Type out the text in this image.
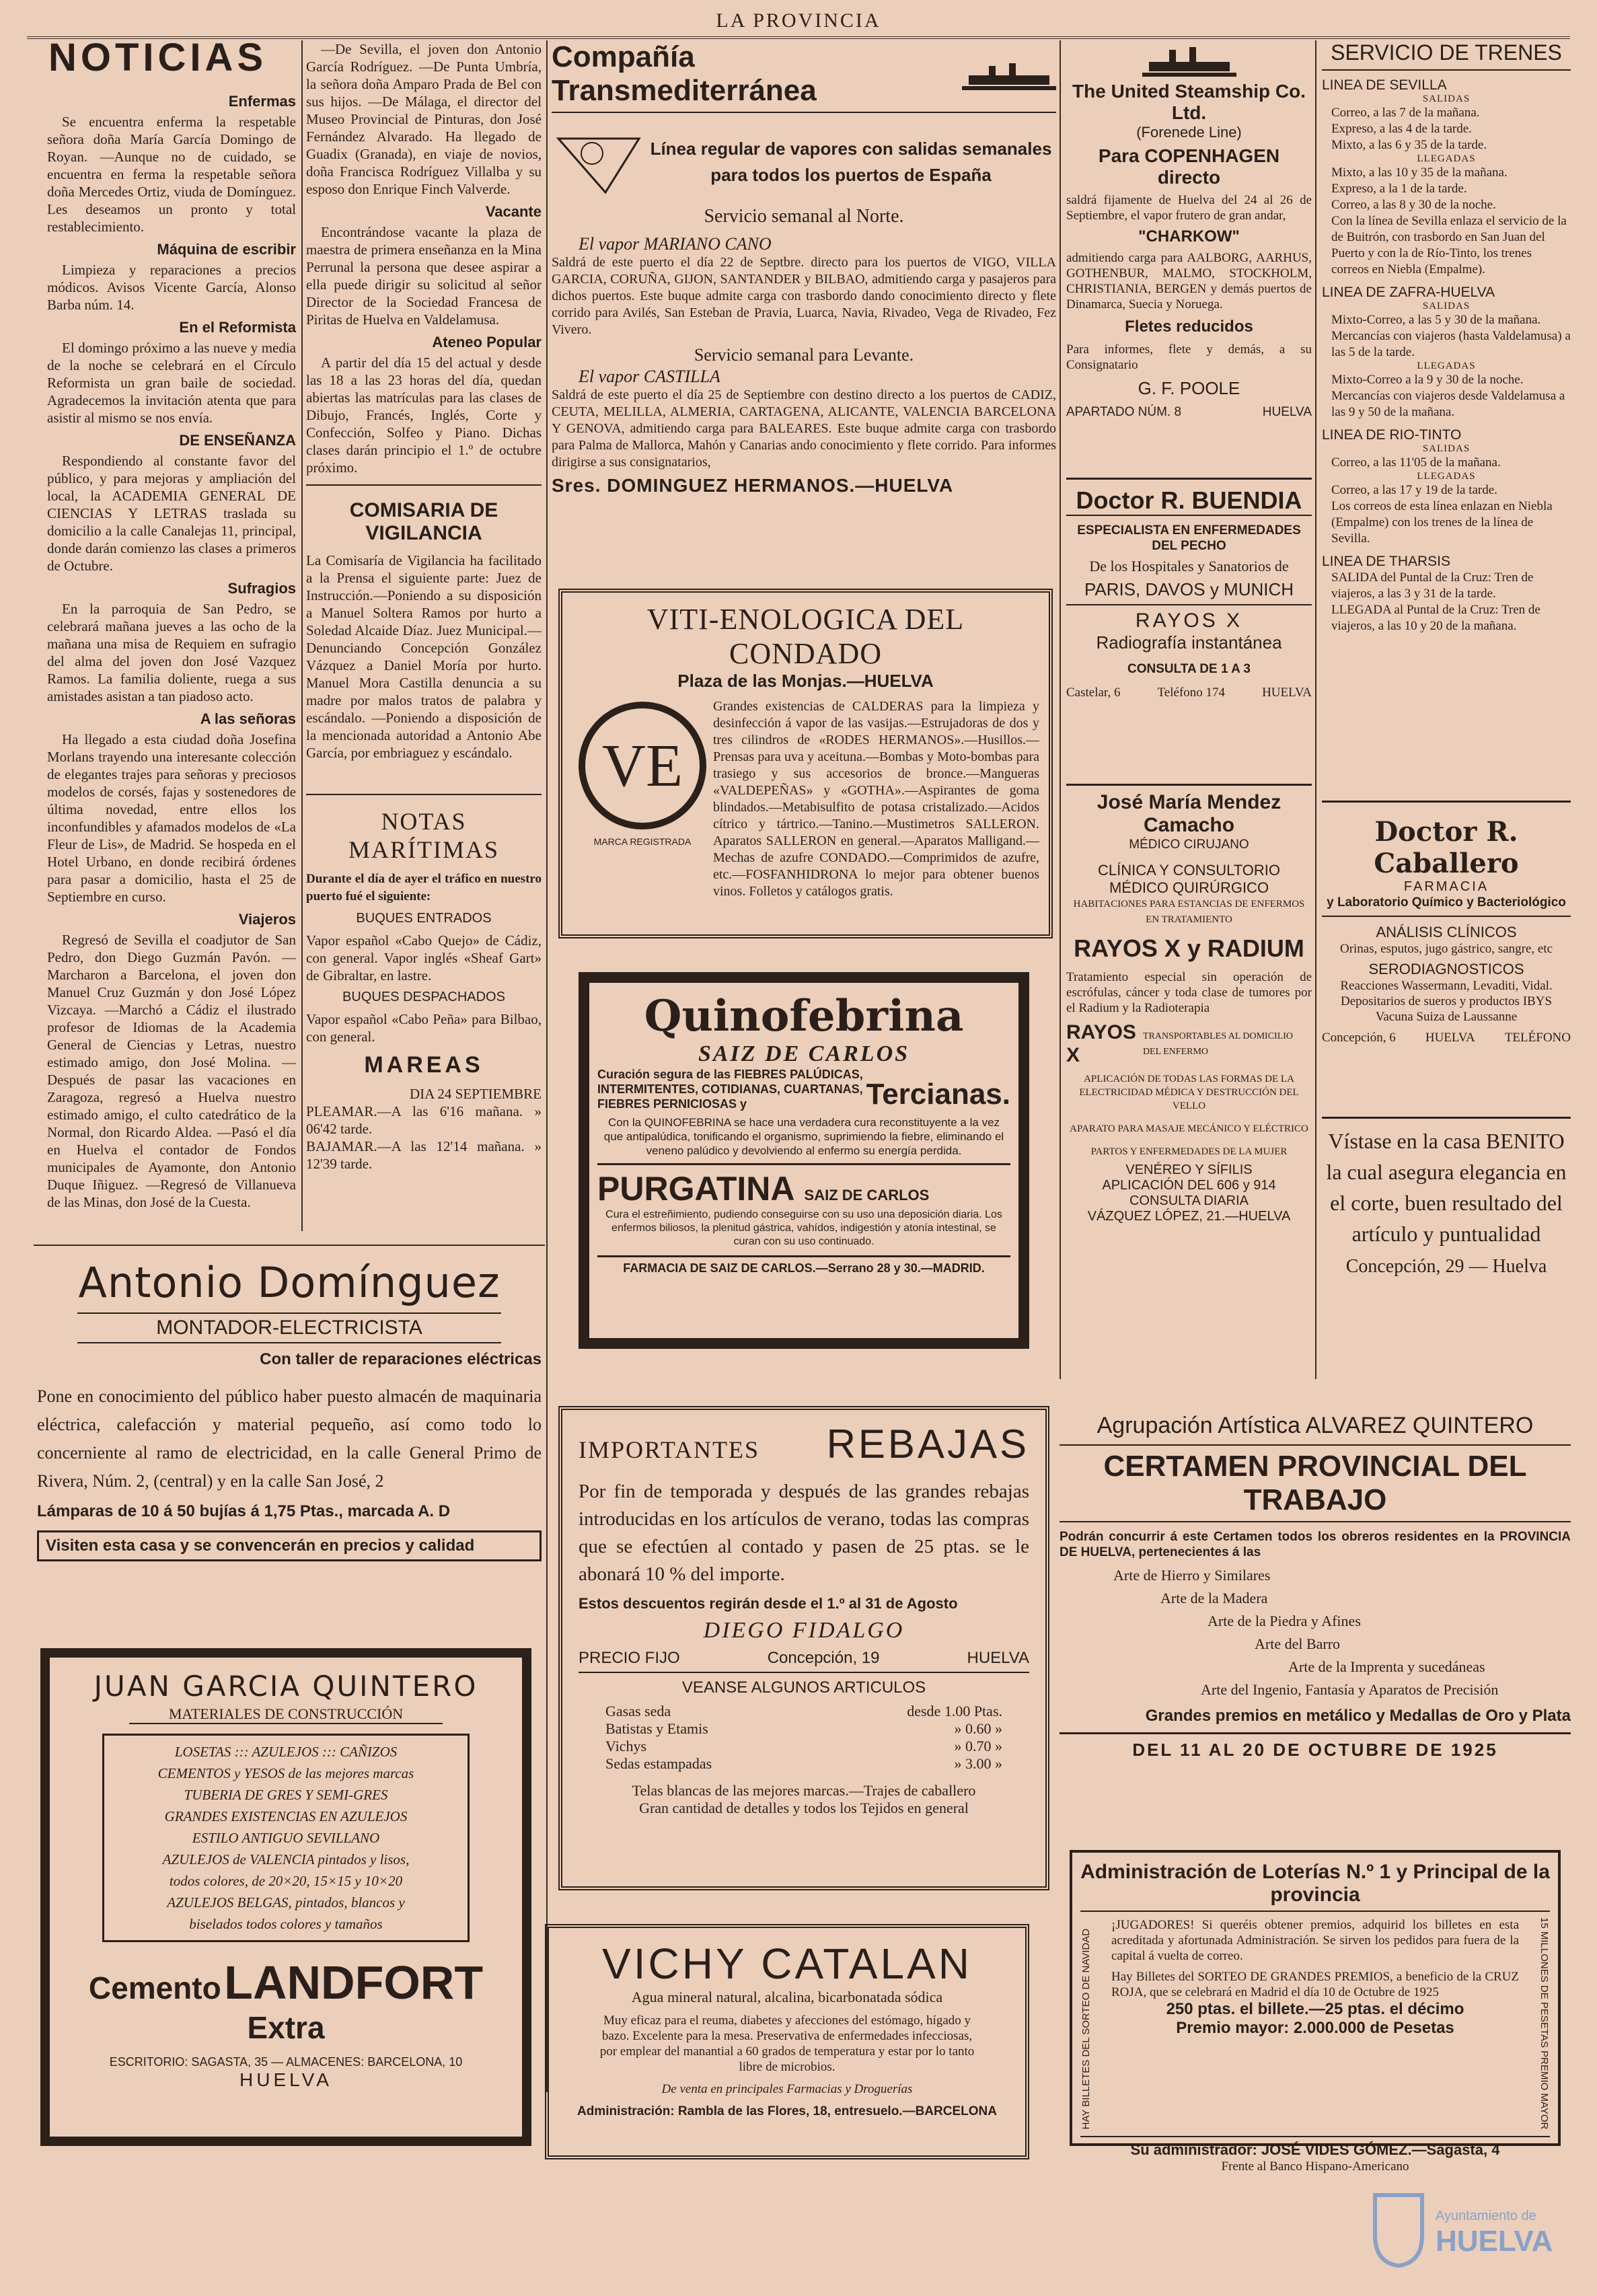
LA PROVINCIA
NOTICIAS
Enfermas

Se encuentra enferma la respetable señora doña María García Domingo de Royan. —Aunque no de cuidado, se encuentra en ferma la respetable señora doña Mercedes Ortiz, viuda de Domínguez. Les deseamos un pronto y total restablecimiento.

Máquina de escribir

Limpieza y reparaciones a precios módicos. Avisos Vicente García, Alonso Barba núm. 14.

En el Reformista

El domingo próximo a las nueve y media de la noche se celebrará en el Círculo Reformista un gran baile de sociedad. Agradecemos la invitación atenta que para asistir al mismo se nos envía.

DE ENSEÑANZA

Respondiendo al constante favor del público, y para mejoras y ampliación del local, la ACADEMIA GENERAL DE CIENCIAS Y LETRAS traslada su domicilio a la calle Canalejas 11, principal, donde darán comienzo las clases a primeros de Octubre.

Sufragios

En la parroquia de San Pedro, se celebrará mañana jueves a las ocho de la mañana una misa de Requiem en sufragio del alma del joven don José Vazquez Ramos. La familia doliente, ruega a sus amistades asistan a tan piadoso acto.

A las señoras

Ha llegado a esta ciudad doña Josefina Morlans trayendo una interesante colección de elegantes trajes para señoras y preciosos modelos de corsés, fajas y sostenedores de última novedad, entre ellos los inconfundibles y afamados modelos de «La Fleur de Lis», de Madrid. Se hospeda en el Hotel Urbano, en donde recibirá órdenes para pasar a domicilio, hasta el 25 de Septiembre en curso.

Viajeros

Regresó de Sevilla el coadjutor de San Pedro, don Diego Guzmán Pavón. —Marcharon a Barcelona, el joven don Manuel Cruz Guzmán y don José López Vizcaya. —Marchó a Cádiz el ilustrado profesor de Idiomas de la Academia General de Ciencias y Letras, nuestro estimado amigo, don José Molina. —Después de pasar las vacaciones en Zaragoza, regresó a Huelva nuestro estimado amigo, el culto catedrático de la Normal, don Ricardo Aldea. —Pasó el día en Huelva el contador de Fondos municipales de Ayamonte, don Antonio Duque Iñiguez. —Regresó de Villanueva de las Minas, don José de la Cuesta.

—De Sevilla, el joven don Antonio García Rodríguez. —De Punta Umbría, la señora doña Amparo Prada de Bel con sus hijos. —De Málaga, el director del Museo Provincial de Pinturas, don José Fernández Alvarado. Ha llegado de Guadix (Granada), en viaje de novios, doña Francisca Rodríguez Villalba y su esposo don Enrique Finch Valverde.

Vacante

Encontrándose vacante la plaza de maestra de primera enseñanza en la Mina Perrunal la persona que desee aspirar a ella puede dirigir su solicitud al señor Director de la Sociedad Francesa de Piritas de Huelva en Valdelamusa.

Ateneo Popular

A partir del día 15 del actual y desde las 18 a las 23 horas del día, quedan abiertas las matrículas para las clases de Dibujo, Francés, Inglés, Corte y Confección, Solfeo y Piano. Dichas clases darán principio el 1.º de octubre próximo.

COMISARIA DE VIGILANCIA
La Comisaría de Vigilancia ha facilitado a la Prensa el siguiente parte: Juez de Instrucción.—Poniendo a su disposición a Manuel Soltera Ramos por hurto a Soledad Alcaide Díaz. Juez Municipal.—Denunciando Concepción González Vázquez a Daniel Moría por hurto. Manuel Mora Castilla denuncia a su madre por malos tratos de palabra y escándalo. —Poniendo a disposición de la mencionada autoridad a Antonio Abe García, por embriaguez y escándalo.
NOTAS MARÍTIMAS
Durante el día de ayer el tráfico en nuestro puerto fué el siguiente:
BUQUES ENTRADOS
Vapor español «Cabo Quejo» de Cádiz, con general. Vapor inglés «Sheaf Gart» de Gibraltar, en lastre.
BUQUES DESPACHADOS
Vapor español «Cabo Peña» para Bilbao, con general.
MAREAS
DIA 24 SEPTIEMBRE
PLEAMAR.—A las 6'16 mañana. » 06'42 tarde.
BAJAMAR.—A las 12'14 mañana. » 12'39 tarde.
Compañía Transmediterránea
Línea regular de vapores con salidas semanales
para todos los puertos de España
Servicio semanal al Norte.
El vapor MARIANO CANO
Saldrá de este puerto el día 22 de Septbre. directo para los puertos de VIGO, VILLA GARCIA, CORUÑA, GIJON, SANTANDER y BILBAO, admitiendo carga y pasajeros para dichos puertos. Este buque admite carga con trasbordo dando conocimiento directo y flete corrido para Avilés, San Esteban de Pravia, Luarca, Navia, Rivadeo, Vega de Rivadeo, Fez Vivero.
Servicio semanal para Levante.
El vapor CASTILLA
Saldrá de este puerto el día 25 de Septiembre con destino directo a los puertos de CADIZ, CEUTA, MELILLA, ALMERIA, CARTAGENA, ALICANTE, VALENCIA BARCELONA Y GENOVA, admitiendo carga para BALEARES. Este buque admite carga con trasbordo para Palma de Mallorca, Mahón y Canarias ando conocimiento y flete corrido. Para informes dirigirse a sus consignatarios,
Sres. DOMINGUEZ HERMANOS.—HUELVA
VITI-ENOLOGICA DEL CONDADO
Plaza de las Monjas.—HUELVA
VE
MARCA REGISTRADA
Grandes existencias de CALDERAS para la limpieza y desinfección á vapor de las vasijas.—Estrujadoras de dos y tres cilindros de «RODES HERMANOS».—Husillos.—Prensas para uva y aceituna.—Bombas y Moto-bombas para trasiego y sus accesorios de bronce.—Mangueras «VALDEPEÑAS» y «GOTHA».—Aspirantes de goma blindados.—Metabisulfito de potasa cristalizado.—Acidos cítrico y tártrico.—Tanino.—Mustimetros SALLERON. Aparatos SALLERON en general.—Aparatos Malligand.—Mechas de azufre CONDADO.—Comprimidos de azufre, etc.—FOSFANHIDRONA lo mejor para obtener buenos vinos. Folletos y catálogos gratis.
Quinofebrina
SAIZ DE CARLOS
Curación segura de las FIEBRES PALÚDICAS, INTERMITENTES, COTIDIANAS, CUARTANAS, FIEBRES PERNICIOSAS y	Tercianas.
Con la QUINOFEBRINA se hace una verdadera cura reconstituyente a la vez que antipalúdica, tonificando el organismo, suprimiendo la fiebre, eliminando el veneno palúdico y devolviendo al enfermo su energía perdida.
PURGATINA SAIZ DE CARLOS
Cura el estreñimiento, pudiendo conseguirse con su uso una deposición diaria. Los enfermos biliosos, la plenitud gástrica, vahídos, indigestión y atonía intestinal, se curan con su uso continuado.
FARMACIA DE SAIZ DE CARLOS.—Serrano 28 y 30.—MADRID.
The United Steamship Co. Ltd.
(Forenede Line)
Para COPENHAGEN directo
saldrá fijamente de Huelva del 24 al 26 de Septiembre, el vapor frutero de gran andar,
"CHARKOW"
admitiendo carga para AALBORG, AARHUS, GOTHENBUR, MALMO, STOCKHOLM, CHRISTIANIA, BERGEN y demás puertos de Dinamarca, Suecia y Noruega.
Fletes reducidos
Para informes, flete y demás, a su Consignatario
G. F. POOLE
APARTADO NÚM. 8	HUELVA
Doctor R. BUENDIA
ESPECIALISTA EN ENFERMEDADES DEL PECHO
De los Hospitales y Sanatorios de
PARIS, DAVOS y MUNICH
RAYOS X
Radiografía instantánea
CONSULTA DE 1 A 3
Castelar, 6	Teléfono 174	HUELVA
José María Mendez Camacho
MÉDICO CIRUJANO
CLÍNICA Y CONSULTORIO
MÉDICO QUIRÚRGICO
HABITACIONES PARA ESTANCIAS DE ENFERMOS EN TRATAMIENTO
RAYOS X y RADIUM
Tratamiento especial sin operación de escrófulas, cáncer y toda clase de tumores por el Radium y la Radioterapia
RAYOS X
TRANSPORTABLES AL DOMICILIO DEL ENFERMO
APLICACIÓN DE TODAS LAS FORMAS DE LA ELECTRICIDAD MÉDICA Y DESTRUCCIÓN DEL VELLO
APARATO PARA MASAJE MECÁNICO Y ELÉCTRICO
PARTOS Y ENFERMEDADES DE LA MUJER
VENÉREO Y SÍFILIS
APLICACIÓN DEL 606 y 914
CONSULTA DIARIA
VÁZQUEZ LÓPEZ, 21.—HUELVA
SERVICIO DE TRENES
LINEA DE SEVILLA
SALIDAS
Correo, a las 7 de la mañana.
Expreso, a las 4 de la tarde.
Mixto, a las 6 y 35 de la tarde.
LLEGADAS
Mixto, a las 10 y 35 de la mañana.
Expreso, a la 1 de la tarde.
Correo, a las 8 y 30 de la noche.
Con la línea de Sevilla enlaza el servicio de la de Buitrón, con trasbordo en San Juan del Puerto y con la de Río-Tinto, los trenes correos en Niebla (Empalme).
LINEA DE ZAFRA-HUELVA
SALIDAS
Mixto-Correo, a las 5 y 30 de la mañana. Mercancías con viajeros (hasta Valdelamusa) a las 5 de la tarde.
LLEGADAS
Mixto-Correo a la 9 y 30 de la noche. Mercancías con viajeros desde Valdelamusa a las 9 y 50 de la mañana.
LINEA DE RIO-TINTO
SALIDAS
Correo, a las 11'05 de la mañana.
LLEGADAS
Correo, a las 17 y 19 de la tarde.
Los correos de esta línea enlazan en Niebla (Empalme) con los trenes de la línea de Sevilla.
LINEA DE THARSIS
SALIDA del Puntal de la Cruz: Tren de viajeros, a las 3 y 31 de la tarde.
LLEGADA al Puntal de la Cruz: Tren de viajeros, a las 10 y 20 de la mañana.
Doctor R. Caballero
FARMACIA
y Laboratorio Químico y Bacteriológico
ANÁLISIS CLÍNICOS
Orinas, esputos, jugo gástrico, sangre, etc
SERODIAGNOSTICOS
Reacciones Wassermann, Levaditi, Vidal.
Depositarios de sueros y productos IBYS
Vacuna Suiza de Laussanne
Concepción, 6 HUELVA TELÉFONO
Vístase en la casa BENITO la cual asegura elegancia en el corte, buen resultado del artículo y puntualidad
Concepción, 29 — Huelva
Antonio Domínguez
MONTADOR-ELECTRICISTA
Con taller de reparaciones eléctricas
Pone en conocimiento del público haber puesto almacén de maquinaria eléctrica, calefacción y material pequeño, así como todo lo concerniente al ramo de electricidad, en la calle General Primo de Rivera, Núm. 2, (central) y en la calle San José, 2
Lámparas de 10 á 50 bujías á 1,75 Ptas., marcada A. D
Visiten esta casa y se convencerán en precios y calidad
JUAN GARCIA QUINTERO
MATERIALES DE CONSTRUCCIÓN
LOSETAS ::: AZULEJOS ::: CAÑIZOS
CEMENTOS y YESOS de las mejores marcas
TUBERIA DE GRES Y SEMI-GRES
GRANDES EXISTENCIAS EN AZULEJOS
ESTILO ANTIGUO SEVILLANO
AZULEJOS de VALENCIA pintados y lisos,
todos colores, de 20×20, 15×15 y 10×20
AZULEJOS BELGAS, pintados, blancos y
biselados todos colores y tamaños
Cemento LANDFORT Extra
ESCRITORIO: SAGASTA, 35 — ALMACENES: BARCELONA, 10
HUELVA
IMPORTANTES REBAJAS
Por fin de temporada y después de las grandes rebajas introducidas en los artículos de verano, todas las compras que se efectúen al contado y pasen de 25 ptas. se le abonará 10 % del importe.
Estos descuentos regirán desde el 1.º al 31 de Agosto
DIEGO FIDALGO
PRECIO FIJO	Concepción, 19	HUELVA
VEANSE ALGUNOS ARTICULOS
Gasas seda	desde 1.00 Ptas.
Batistas y Etamis	» 0.60 »
Vichys	» 0.70 »
Sedas estampadas	» 3.00 »
Telas blancas de las mejores marcas.—Trajes de caballero
Gran cantidad de detalles y todos los Tejidos en general
Agrupación Artística ALVAREZ QUINTERO
CERTAMEN PROVINCIAL DEL TRABAJO
Podrán concurrir á este Certamen todos los obreros residentes en la PROVINCIA DE HUELVA, pertenecientes á las
Arte de Hierro y Similares
Arte de la Madera
Arte de la Piedra y Afines
Arte del Barro
Arte de la Imprenta y sucedáneas
Arte del Ingenio, Fantasía y Aparatos de Precisión
Grandes premios en metálico y Medallas de Oro y Plata
DEL 11 AL 20 DE OCTUBRE DE 1925
VICHY CATALAN
Agua mineral natural, alcalina, bicarbonatada sódica
Muy eficaz para el reuma, diabetes y afecciones del estómago, hígado y bazo. Excelente para la mesa. Preservativa de enfermedades infecciosas, por emplear del manantial a 60 grados de temperatura y estar por lo tanto libre de microbios.
De venta en principales Farmacias y Droguerías
Administración: Rambla de las Flores, 18, entresuelo.—BARCELONA
Administración de Loterías N.º 1 y Principal de la provincia
HAY BILLETES DEL SORTEO DE NAVIDAD
¡JUGADORES! Si queréis obtener premios, adquirid los billetes en esta acreditada y afortunada Administración. Se sirven los pedidos para fuera de la capital á vuelta de correo.
Hay Billetes del SORTEO DE GRANDES PREMIOS, a beneficio de la CRUZ ROJA, que se celebrará en Madrid el día 10 de Octubre de 1925
250 ptas. el billete.—25 ptas. el décimo
Premio mayor: 2.000.000 de Pesetas	15 MILLONES DE PESETAS PREMIO MAYOR
Su administrador: JOSÉ VIDES GÓMEZ.—Sagasta, 4
Frente al Banco Hispano-Americano
Ayuntamiento de
HUELVA
